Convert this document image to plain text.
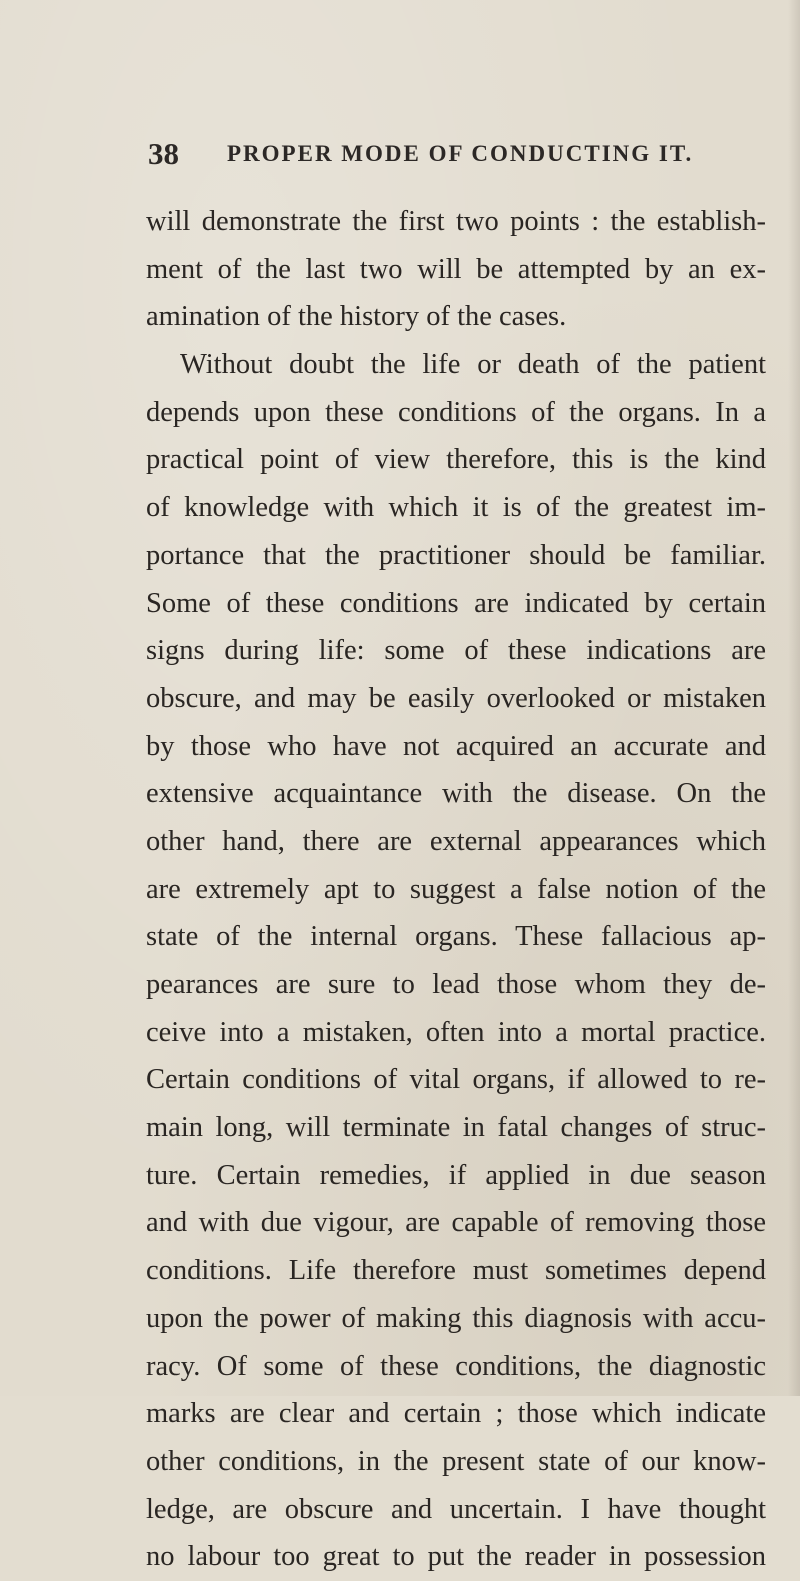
38 PROPER MODE OF CONDUCTING IT.
will demonstrate the first two points : the establish-
ment of the last two will be attempted by an ex-
amination of the history of the cases.
Without doubt the life or death of the patient
depends upon these conditions of the organs. In a
practical point of view therefore, this is the kind
of knowledge with which it is of the greatest im-
portance that the practitioner should be familiar.
Some of these conditions are indicated by certain
signs during life: some of these indications are
obscure, and may be easily overlooked or mistaken
by those who have not acquired an accurate and
extensive acquaintance with the disease. On the
other hand, there are external appearances which
are extremely apt to suggest a false notion of the
state of the internal organs. These fallacious ap-
pearances are sure to lead those whom they de-
ceive into a mistaken, often into a mortal practice.
Certain conditions of vital organs, if allowed to re-
main long, will terminate in fatal changes of struc-
ture. Certain remedies, if applied in due season
and with due vigour, are capable of removing those
conditions. Life therefore must sometimes depend
upon the power of making this diagnosis with accu-
racy. Of some of these conditions, the diagnostic
marks are clear and certain ; those which indicate
other conditions, in the present state of our know-
ledge, are obscure and uncertain. I have thought
no labour too great to put the reader in possession
